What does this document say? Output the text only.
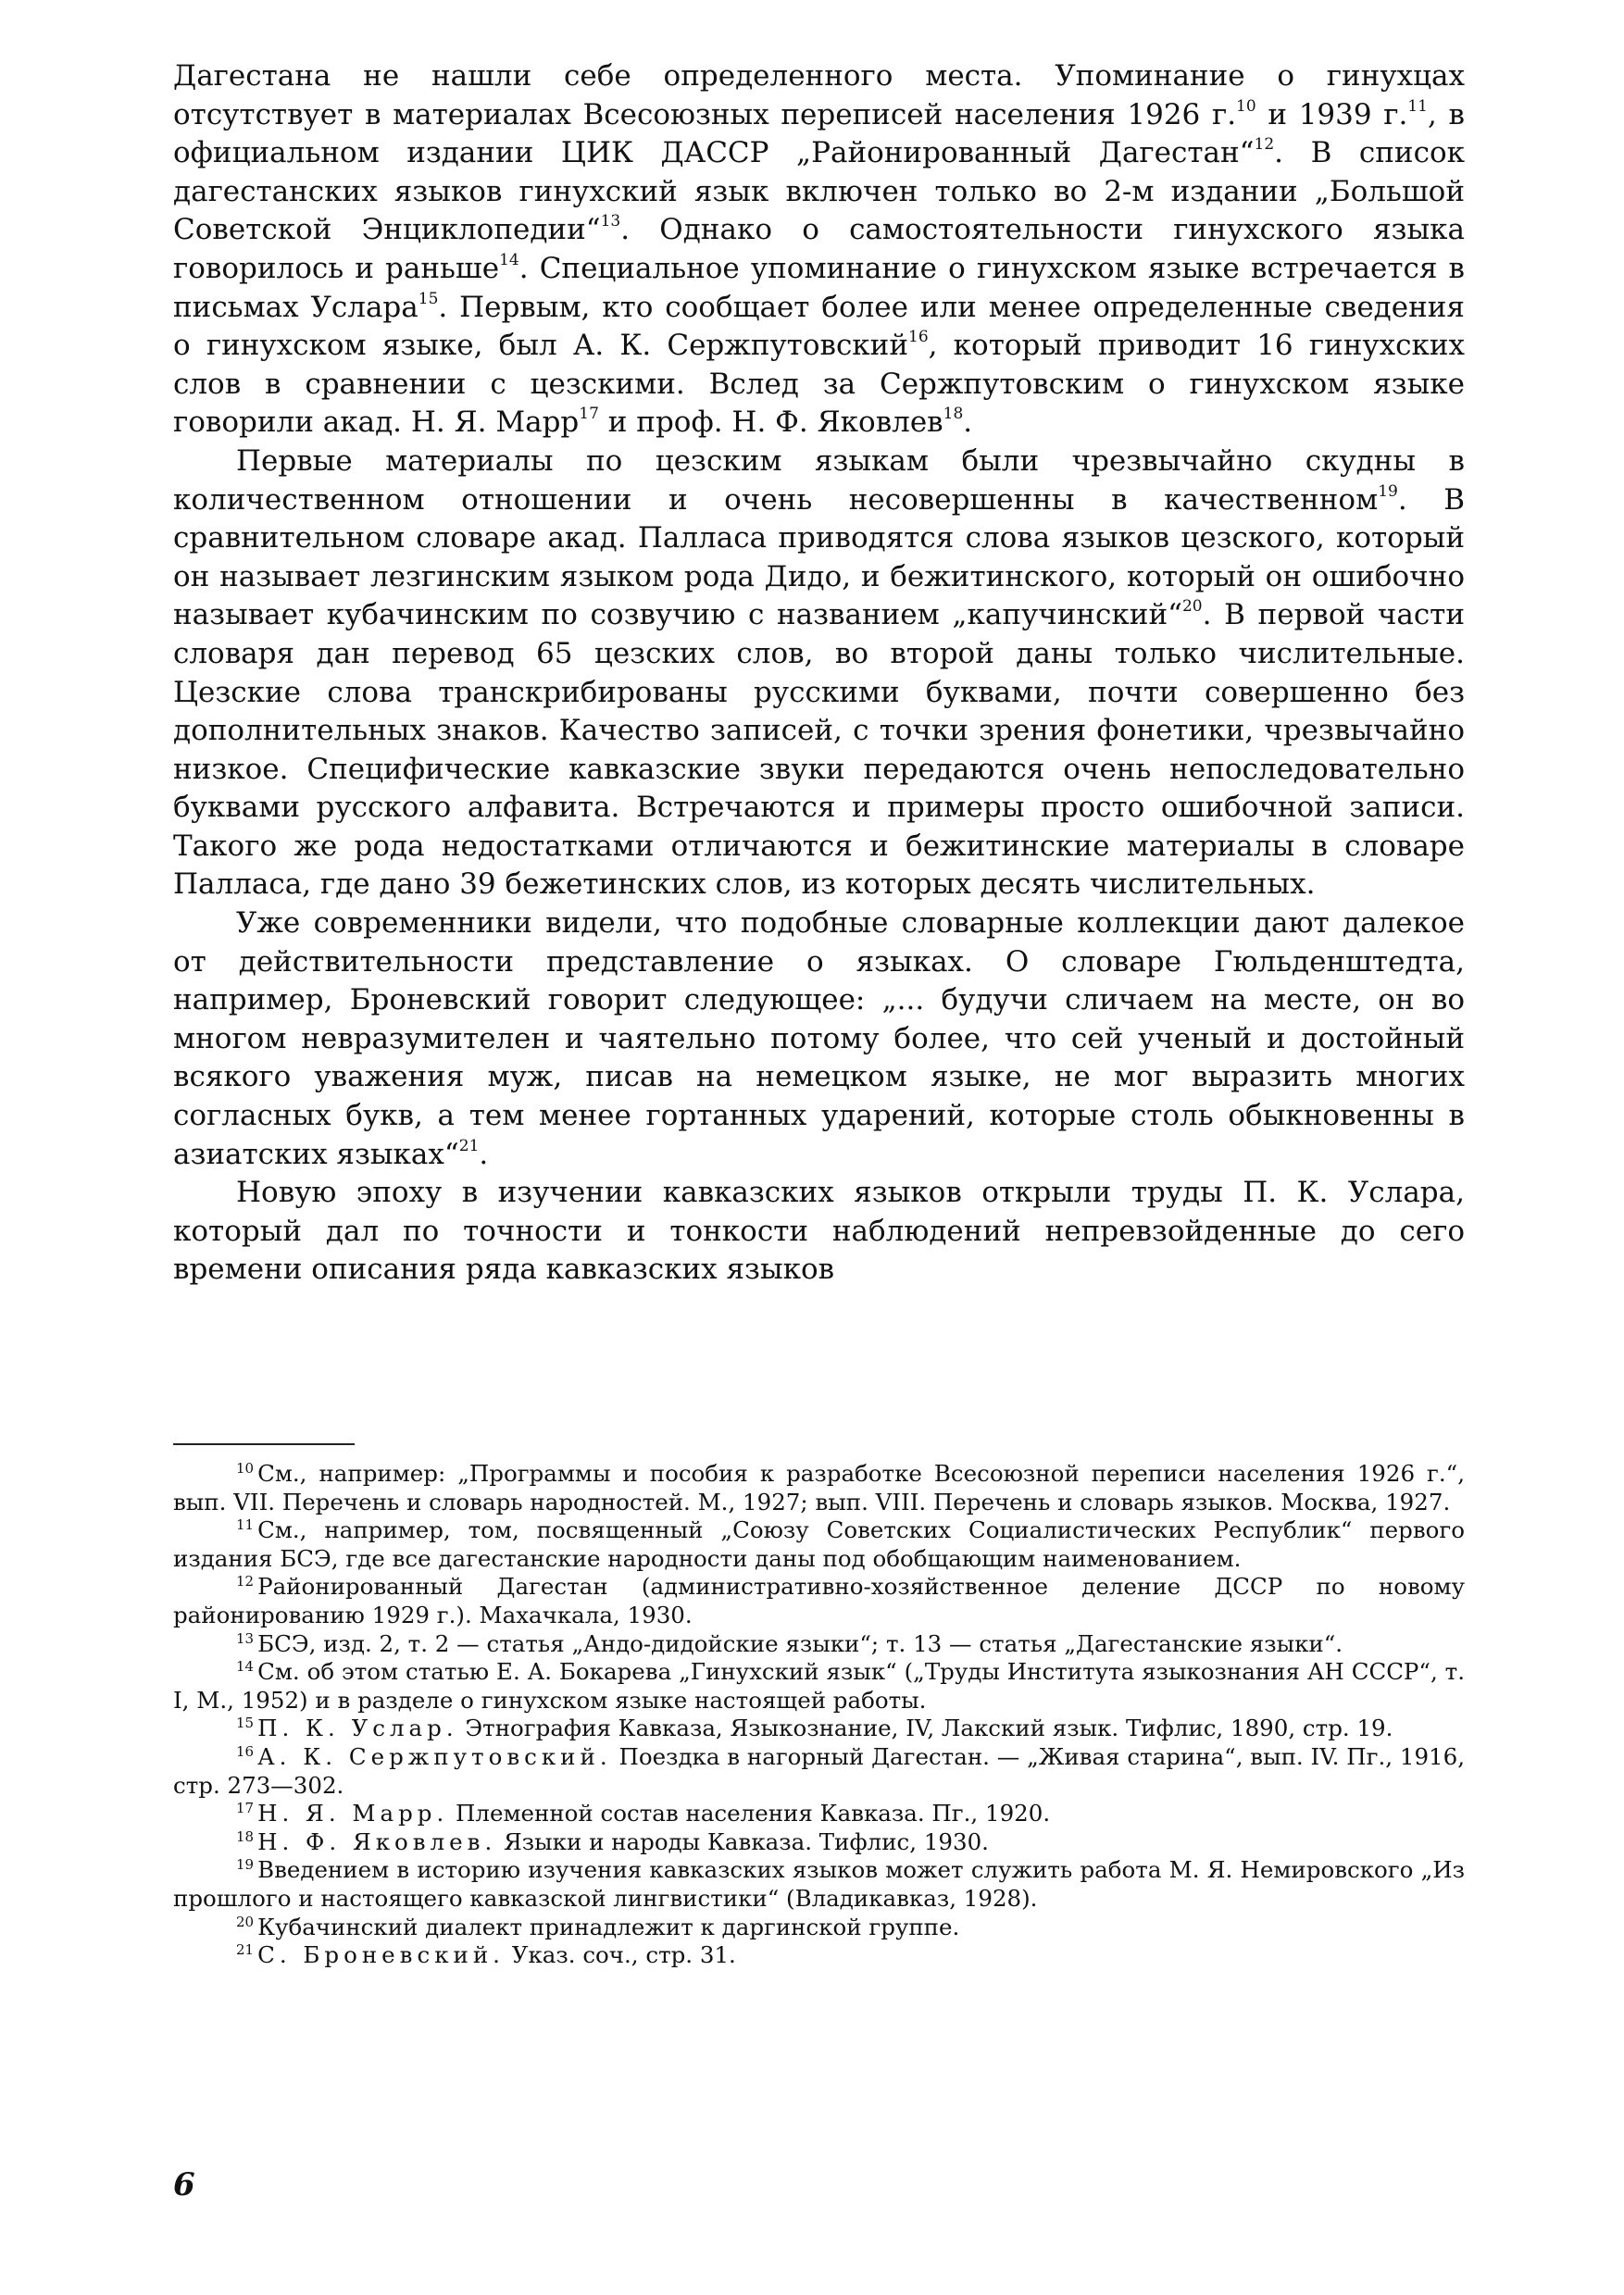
Дагестана не нашли себе определенного места. Упоминание о гинухцах отсутствует в материалах Всесоюзных переписей населения 1926 г.$^{10}$ и 1939 г.$^{11}$, в официальном издании ЦИК ДАССР „Районированный Дагестан“$^{12}$. В список дагестанских языков гинухский язык включен только во 2-м издании „Большой Советской Энциклопедии“$^{13}$. Однако о самостоятельности гинухского языка говорилось и раньше$^{14}$. Специальное упоминание о гинухском языке встречается в письмах Услара$^{15}$. Первым, кто сообщает более или менее определенные сведения о гинухском языке, был А. К. Сержпутовский$^{16}$, который приводит 16 гинухских слов в сравнении с цезскими. Вслед за Сержпутовским о гинухском языке говорили акад. Н. Я. Марр$^{17}$ и проф. Н. Ф. Яковлев$^{18}$.

Первые материалы по цезским языкам были чрезвычайно скудны в количественном отношении и очень несовершенны в качественном$^{19}$. В сравнительном словаре акад. Палласа приводятся слова языков цезского, который он называет лезгинским языком рода Дидо, и бежитинского, который он ошибочно называет кубачинским по созвучию с названием „капучинский“$^{20}$. В первой части словаря дан перевод 65 цезских слов, во второй даны только числительные. Цезские слова транскрибированы русскими буквами, почти совершенно без дополнительных знаков. Качество записей, с точки зрения фонетики, чрезвычайно низкое. Специфические кавказские звуки передаются очень непоследовательно буквами русского алфавита. Встречаются и примеры просто ошибочной записи. Такого же рода недостатками отличаются и бежитинские материалы в словаре Палласа, где дано 39 бежетинских слов, из которых десять числительных.

Уже современники видели, что подобные словарные коллекции дают далекое от действительности представление о языках. О словаре Гюльденштедта, например, Броневский говорит следующее: „... будучи сличаем на месте, он во многом невразумителен и чаятельно потому более, что сей ученый и достойный всякого уважения муж, писав на немецком языке, не мог выразить многих согласных букв, а тем менее гортанных ударений, которые столь обыкновенны в азиатских языках“$^{21}$.

Новую эпоху в изучении кавказских языков открыли труды П. К. Услара, который дал по точности и тонкости наблюдений непревзойденные до сего времени описания ряда кавказских языков

$^{10}$ См., например: „Программы и пособия к разработке Всесоюзной переписи населения 1926 г.“, вып. VII. Перечень и словарь народностей. М., 1927; вып. VIII. Перечень и словарь языков. Москва, 1927.

$^{11}$ См., например, том, посвященный „Союзу Советских Социалистических Республик“ первого издания БСЭ, где все дагестанские народности даны под обобщающим наименованием.

$^{12}$ Районированный Дагестан (административно-хозяйственное деление ДССР по новому районированию 1929 г.). Махачкала, 1930.

$^{13}$ БСЭ, изд. 2, т. 2 — статья „Андо-дидойские языки“; т. 13 — статья „Дагестанские языки“.

$^{14}$ См. об этом статью Е. А. Бокарева „Гинухский язык“ („Труды Института языкознания АН СССР“, т. I, М., 1952) и в разделе о гинухском языке настоящей работы.

$^{15}$ П. К. Услар. Этнография Кавказа, Языкознание, IV, Лакский язык. Тифлис, 1890, стр. 19.

$^{16}$ А. К. Сержпутовский. Поездка в нагорный Дагестан. — „Живая старина“, вып. IV. Пг., 1916, стр. 273—302.

$^{17}$ Н. Я. Марр. Племенной состав населения Кавказа. Пг., 1920.

$^{18}$ Н. Ф. Яковлев. Языки и народы Кавказа. Тифлис, 1930.

$^{19}$ Введением в историю изучения кавказских языков может служить работа М. Я. Немировского „Из прошлого и настоящего кавказской лингвистики“ (Владикавказ, 1928).

$^{20}$ Кубачинский диалект принадлежит к даргинской группе.

$^{21}$ С. Броневский. Указ. соч., стр. 31.

6
